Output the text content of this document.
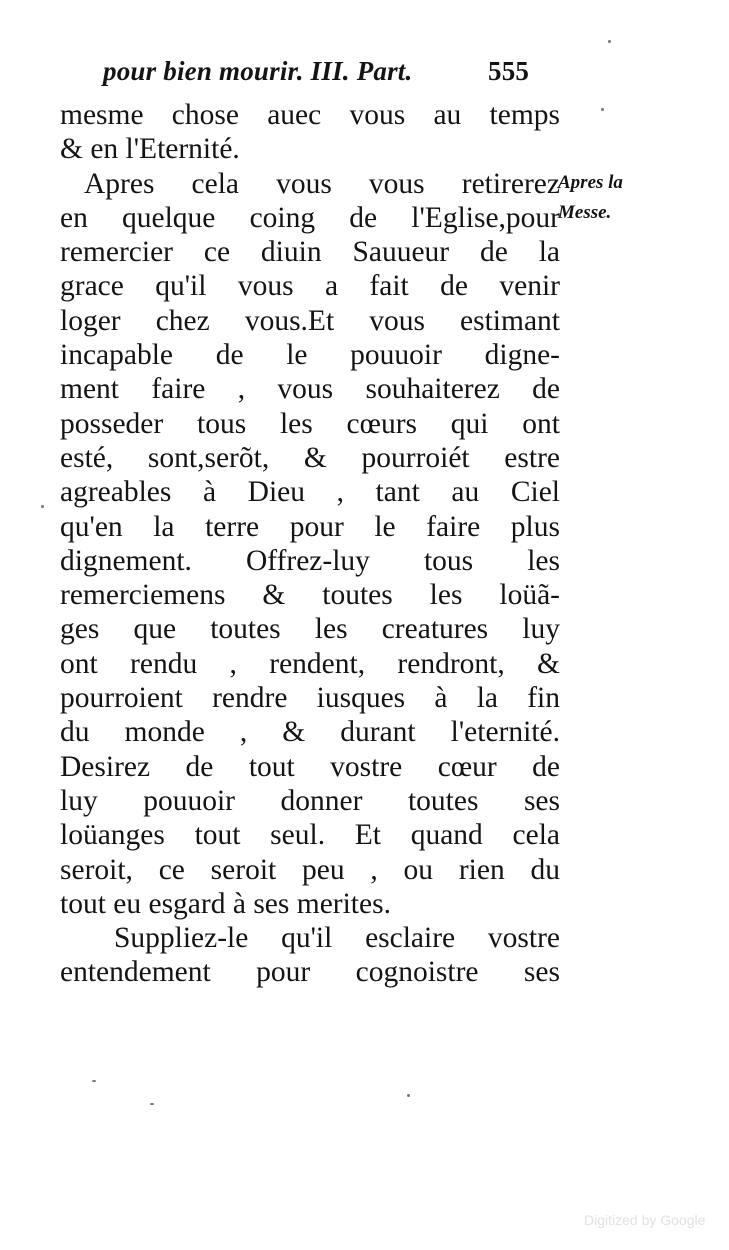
pour bien mourir. III. Part.	555
Apres la
Messe.
mesme chose auec vous au temps
& en l'Eternité.
Apres cela vous vous retirerez
en quelque coing de l'Eglise,pour
remercier ce diuin Sauueur de la
grace qu'il vous a fait de venir
loger chez vous.Et vous estimant
incapable de le pouuoir digne-
ment faire , vous souhaiterez de
posseder tous les cœurs qui ont
esté, sont,serõt, & pourroiét estre
agreables à Dieu , tant au Ciel
qu'en la terre pour le faire plus
dignement. Offrez-luy tous les
remerciemens & toutes les loüã-
ges que toutes les creatures luy
ont rendu , rendent, rendront, &
pourroient rendre iusques à la fin
du monde , & durant l'eternité.
Desirez de tout vostre cœur de
luy pouuoir donner toutes ses
loüanges tout seul. Et quand cela
seroit, ce seroit peu , ou rien du
tout eu esgard à ses merites.
Suppliez-le qu'il esclaire vostre
entendement pour cognoistre ses
Digitized by Google
